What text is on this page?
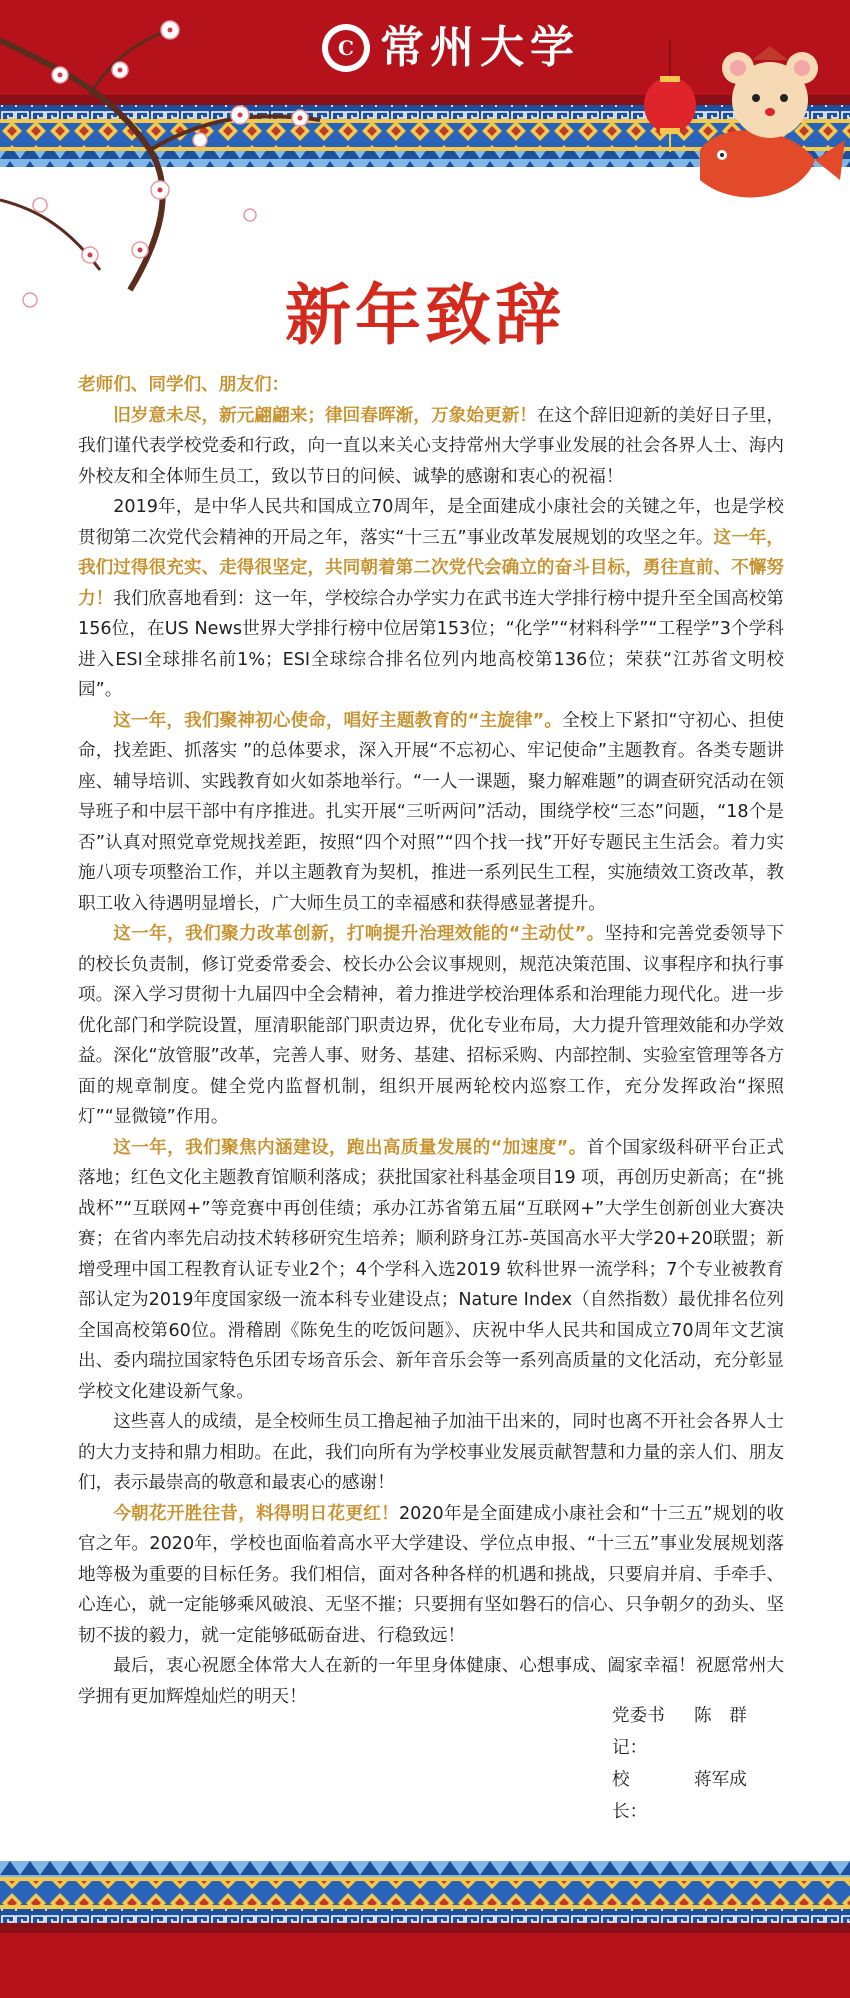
C 常州大学
新年致辞

老师们、同学们、朋友们：

旧岁意未尽，新元翩翩来；律回春晖渐，万象始更新！在这个辞旧迎新的美好日子里，我们谨代表学校党委和行政，向一直以来关心支持常州大学事业发展的社会各界人士、海内外校友和全体师生员工，致以节日的问候、诚挚的感谢和衷心的祝福！

2019年，是中华人民共和国成立70周年，是全面建成小康社会的关键之年，也是学校贯彻第二次党代会精神的开局之年，落实“十三五”事业改革发展规划的攻坚之年。这一年，我们过得很充实、走得很坚定，共同朝着第二次党代会确立的奋斗目标，勇往直前、不懈努力！我们欣喜地看到：这一年，学校综合办学实力在武书连大学排行榜中提升至全国高校第156位，在US News世界大学排行榜中位居第153位；“化学”“材料科学”“工程学”3个学科进入ESI全球排名前1%；ESI全球综合排名位列内地高校第136位；荣获“江苏省文明校园”。

这一年，我们聚神初心使命，唱好主题教育的“主旋律”。全校上下紧扣“守初心、担使命，找差距、抓落实 ”的总体要求，深入开展“不忘初心、牢记使命”主题教育。各类专题讲座、辅导培训、实践教育如火如荼地举行。“一人一课题，聚力解难题”的调查研究活动在领导班子和中层干部中有序推进。扎实开展“三听两问”活动，围绕学校“三态”问题，“18个是否”认真对照党章党规找差距，按照“四个对照”“四个找一找”开好专题民主生活会。着力实施八项专项整治工作，并以主题教育为契机，推进一系列民生工程，实施绩效工资改革，教职工收入待遇明显增长，广大师生员工的幸福感和获得感显著提升。

这一年，我们聚力改革创新，打响提升治理效能的“主动仗”。坚持和完善党委领导下的校长负责制，修订党委常委会、校长办公会议事规则，规范决策范围、议事程序和执行事项。深入学习贯彻十九届四中全会精神，着力推进学校治理体系和治理能力现代化。进一步优化部门和学院设置，厘清职能部门职责边界，优化专业布局，大力提升管理效能和办学效益。深化“放管服”改革，完善人事、财务、基建、招标采购、内部控制、实验室管理等各方面的规章制度。健全党内监督机制，组织开展两轮校内巡察工作，充分发挥政治“探照灯”“显微镜”作用。

这一年，我们聚焦内涵建设，跑出高质量发展的“加速度”。首个国家级科研平台正式落地；红色文化主题教育馆顺利落成；获批国家社科基金项目19 项，再创历史新高；在“挑战杯”“互联网+”等竞赛中再创佳绩；承办江苏省第五届“互联网+”大学生创新创业大赛决赛；在省内率先启动技术转移研究生培养；顺利跻身江苏-英国高水平大学20+20联盟；新增受理中国工程教育认证专业2个；4个学科入选2019 软科世界一流学科；7个专业被教育部认定为2019年度国家级一流本科专业建设点；Nature Index（自然指数）最优排名位列全国高校第60位。滑稽剧《陈免生的吃饭问题》、庆祝中华人民共和国成立70周年文艺演出、委内瑞拉国家特色乐团专场音乐会、新年音乐会等一系列高质量的文化活动，充分彰显学校文化建设新气象。

这些喜人的成绩，是全校师生员工撸起袖子加油干出来的，同时也离不开社会各界人士的大力支持和鼎力相助。在此，我们向所有为学校事业发展贡献智慧和力量的亲人们、朋友们，表示最崇高的敬意和最衷心的感谢！

今朝花开胜往昔，料得明日花更红！2020年是全面建成小康社会和“十三五”规划的收官之年。2020年，学校也面临着高水平大学建设、学位点申报、“十三五”事业发展规划落地等极为重要的目标任务。我们相信，面对各种各样的机遇和挑战，只要肩并肩、手牵手、心连心，就一定能够乘风破浪、无坚不摧；只要拥有坚如磐石的信心、只争朝夕的劲头、坚韧不拔的毅力，就一定能够砥砺奋进、行稳致远！

最后，衷心祝愿全体常大人在新的一年里身体健康、心想事成、阖家幸福！祝愿常州大学拥有更加辉煌灿烂的明天！

党委书记：
陈　群
校　　长：
蒋军成
